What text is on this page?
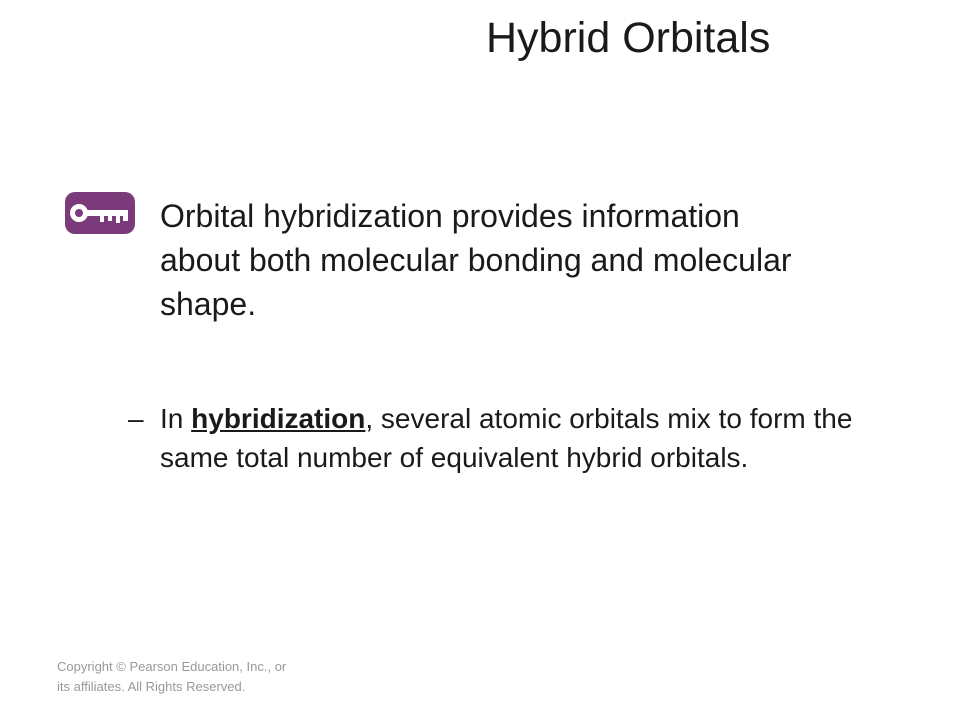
Hybrid Orbitals
Orbital hybridization provides information about both molecular bonding and molecular shape.
– In hybridization, several atomic orbitals mix to form the same total number of equivalent hybrid orbitals.
Copyright © Pearson Education, Inc., or its affiliates. All Rights Reserved.
